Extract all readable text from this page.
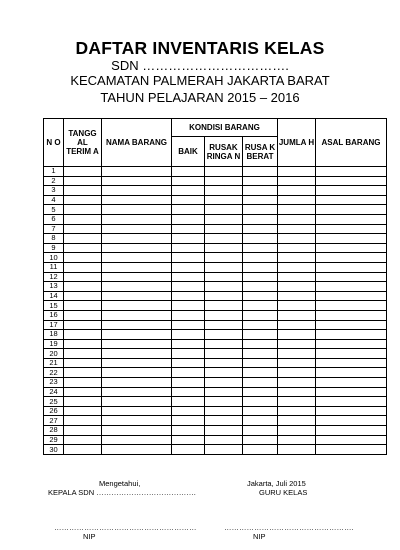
DAFTAR INVENTARIS KELAS
SDN …………………………….
KECAMATAN PALMERAH JAKARTA BARAT
TAHUN PELAJARAN 2015 – 2016
N O	TANGG AL TERIM A	NAMA BARANG	KONDISI BARANG			JUMLA H	ASAL BARANG
			BAIK	RUSAK RINGA N	RUSA K BERAT		
1							
2							
3							
4							
5							
6							
7							
8							
9							
10							
11							
12							
13							
14							
15							
16							
17							
18							
19							
20							
21							
22							
23							
24							
25							
26							
27							
28							
29							
30							
Mengetahui,
KEPALA SDN ………………………………….
Jakarta, Juli 2015
GURU KELAS
…………………………………………………	…………………………………………….
NIP	NIP
